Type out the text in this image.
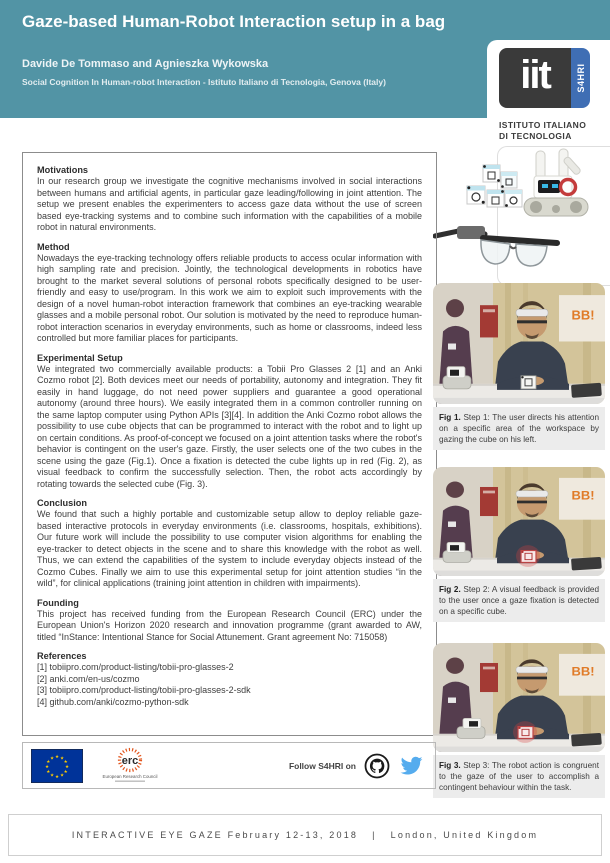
Gaze-based Human-Robot Interaction setup in a bag
Davide De Tommaso and Agnieszka Wykowska
Social Cognition In Human-robot Interaction - Istituto Italiano di Tecnologia, Genova (Italy)	iit	S4HRI
ISTITUTO ITALIANO
DI TECNOLOGIA
Motivations
In our research group we investigate the cognitive mechanisms involved in social interactions between humans and artificial agents, in particular gaze leading/following in joint attention. The setup we present enables the experimenters to access gaze data without the use of screen based eye-tracking systems and to combine such information with the capabilities of a mobile robot in natural environments.
Method
Nowadays the eye-tracking technology offers reliable products to access ocular information with high sampling rate and precision. Jointly, the technological developments in robotics have brought to the market several solutions of personal robots specifically designed to be user-friendly and easy to use/program. In this work we aim to exploit such improvements with the design of a novel human-robot interaction framework that combines an eye-tracking wearable glasses and a mobile personal robot. Our solution is motivated by the need to reproduce human-robot interaction scenarios in everyday environments, such as home or classrooms, indeed less controlled but more familiar places for participants.
Experimental Setup
We integrated two commercially available products: a Tobii Pro Glasses 2 [1] and an Anki Cozmo robot [2]. Both devices meet our needs of portability, autonomy and integration. They fit easily in hand luggage, do not need power suppliers and guarantee a good operational autonomy (around three hours). We easily integrated them in a common controller running on the same laptop computer using Python APIs [3][4]. In addition the Anki Cozmo robot allows the possibility to use cube objects that can be programmed to interact with the robot and to light up on certain conditions. As proof-of-concept we focused on a joint attention tasks where the robot's behavior is contingent on the user's gaze. Firstly, the user selects one of the two cubes in the scene using the gaze (Fig.1). Once a fixation is detected the cube lights up in red (Fig. 2), as visual feedback to confirm the successfully selection. Then, the robot acts accordingly by rotating towards the selected cube (Fig. 3).
Conclusion
We found that such a highly portable and customizable setup allow to deploy reliable gaze-based interactive protocols in everyday environments (i.e. classrooms, hospitals, exhibitions). Our future work will include the possibility to use computer vision algorithms for enabling the eye-tracker to detect objects in the scene and to share this knowledge with the robot as well. Thus, we can extend the capabilities of the system to include everyday objects instead of the Cozmo Cubes. Finally we aim to use this experimental setup for joint attention studies “in the wild”, for clinical applications (training joint attention in children with impairments).
Founding
This project has received funding from the European Research Council (ERC) under the European Union's Horizon 2020 research and innovation programme (grant awarded to AW, titled “InStance: Intentional Stance for Social Attunement. Grant agreement No: 715058)
References
[1] tobiipro.com/product-listing/tobii-pro-glasses-2
[2] anki.com/en-us/cozmo
[3] tobiipro.com/product-listing/tobii-pro-glasses-2-sdk
[4] github.com/anki/cozmo-python-sdk
BB!
Fig 1. Step 1: The user directs his attention on a specific area of the workspace by gazing the cube on his left.
BB!
Fig 2. Step 2: A visual feedback is provided to the user once a gaze fixation is detected on a specific cube.
BB!
Fig 3. Step 3: The robot action is congruent to the gaze of the user to accomplish a contingent behaviour within the task.
★ ★
★
★
★
★
★
★
★
★
★
★	erc
European Research Council
Follow S4HRI on
INTERACTIVE EYE GAZE February 12-13, 2018 | London, United Kingdom
